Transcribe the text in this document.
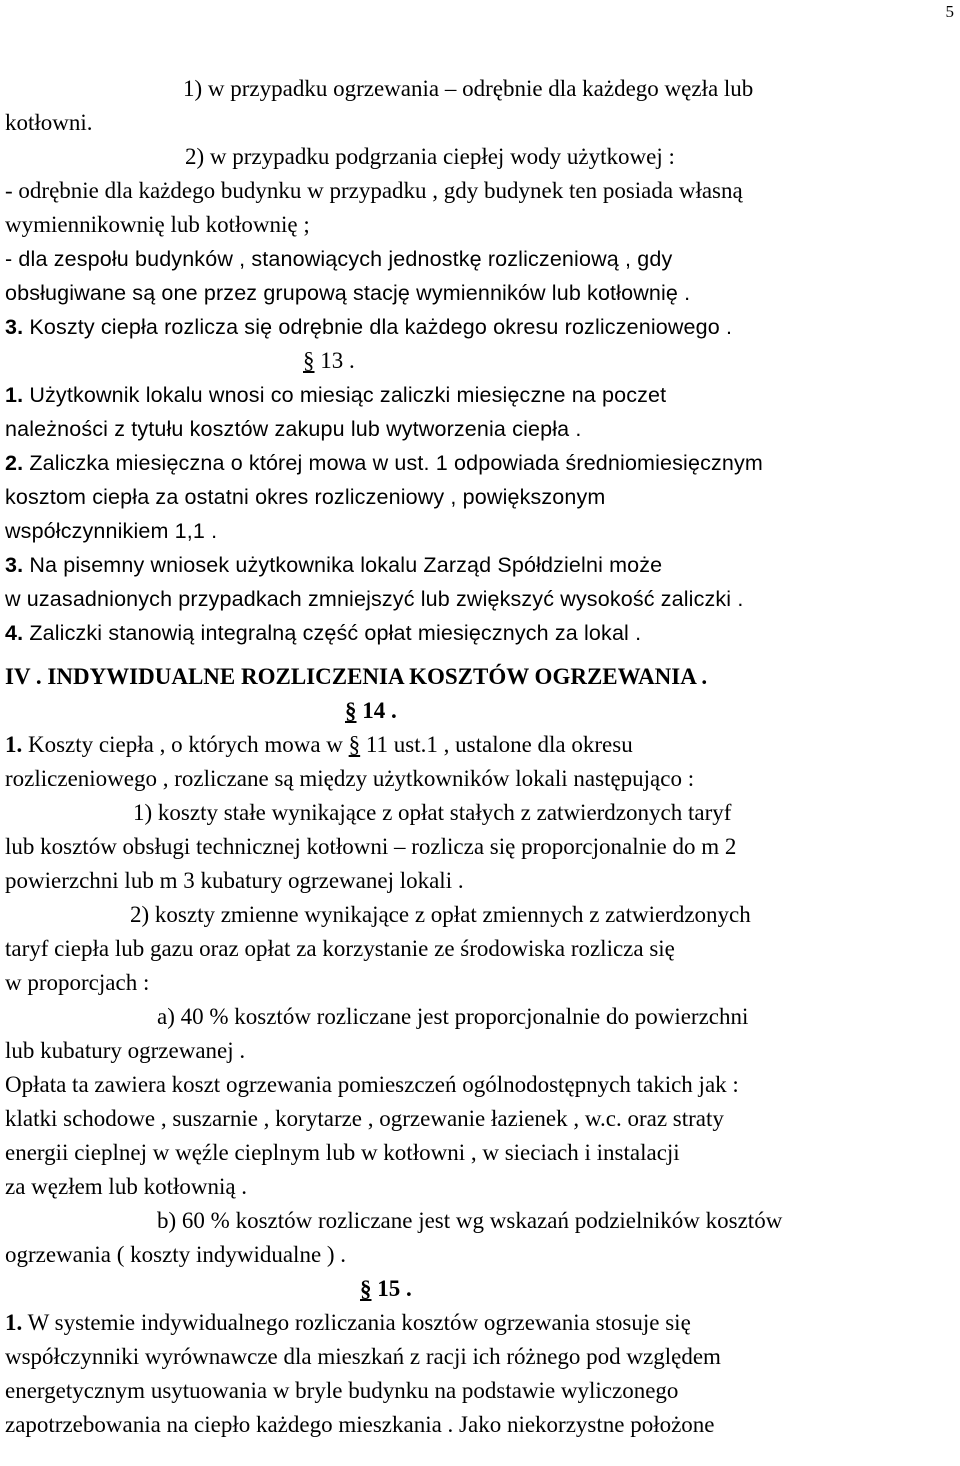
5
1) w przypadku ogrzewania – odrębnie dla każdego węzła lub
kotłowni.
2) w przypadku podgrzania ciepłej wody użytkowej :
- odrębnie dla każdego budynku w przypadku , gdy budynek ten posiada własną
wymiennikownię lub kotłownię ;
- dla zespołu budynków , stanowiących jednostkę rozliczeniową , gdy
obsługiwane są one przez grupową stację wymienników lub kotłownię .
3. Koszty ciepła rozlicza się odrębnie dla każdego okresu rozliczeniowego .
§ 13 .
1. Użytkownik lokalu wnosi co miesiąc zaliczki miesięczne na poczet
należności z tytułu kosztów zakupu lub wytworzenia ciepła .
2. Zaliczka miesięczna o której mowa w ust. 1 odpowiada średniomiesięcznym
kosztom ciepła za ostatni okres rozliczeniowy , powiększonym
współczynnikiem 1,1 .
3. Na pisemny wniosek użytkownika lokalu Zarząd Spółdzielni może
w uzasadnionych przypadkach zmniejszyć lub zwiększyć wysokość zaliczki .
4. Zaliczki stanowią integralną część opłat miesięcznych za lokal .
IV . INDYWIDUALNE ROZLICZENIA KOSZTÓW OGRZEWANIA .
§ 14 .
1. Koszty ciepła , o których mowa w § 11 ust.1 , ustalone dla okresu
rozliczeniowego , rozliczane są między użytkowników lokali następująco :
1) koszty stałe wynikające z opłat stałych z zatwierdzonych taryf
lub kosztów obsługi technicznej kotłowni – rozlicza się proporcjonalnie do m 2
powierzchni lub m 3 kubatury ogrzewanej lokali .
2) koszty zmienne wynikające z opłat zmiennych z zatwierdzonych
taryf ciepła lub gazu oraz opłat za korzystanie ze środowiska rozlicza się
w proporcjach :
a) 40 % kosztów rozliczane jest proporcjonalnie do powierzchni
lub kubatury ogrzewanej .
Opłata ta zawiera koszt ogrzewania pomieszczeń ogólnodostępnych takich jak :
klatki schodowe , suszarnie , korytarze , ogrzewanie łazienek , w.c. oraz straty
energii cieplnej w węźle cieplnym lub w kotłowni , w sieciach i instalacji
za węzłem lub kotłownią .
b) 60 % kosztów rozliczane jest wg wskazań podzielników kosztów
ogrzewania ( koszty indywidualne ) .
§ 15 .
1. W systemie indywidualnego rozliczania kosztów ogrzewania stosuje się
współczynniki wyrównawcze dla mieszkań z racji ich różnego pod względem
energetycznym usytuowania w bryle budynku na podstawie wyliczonego
zapotrzebowania na ciepło każdego mieszkania . Jako niekorzystne położone
